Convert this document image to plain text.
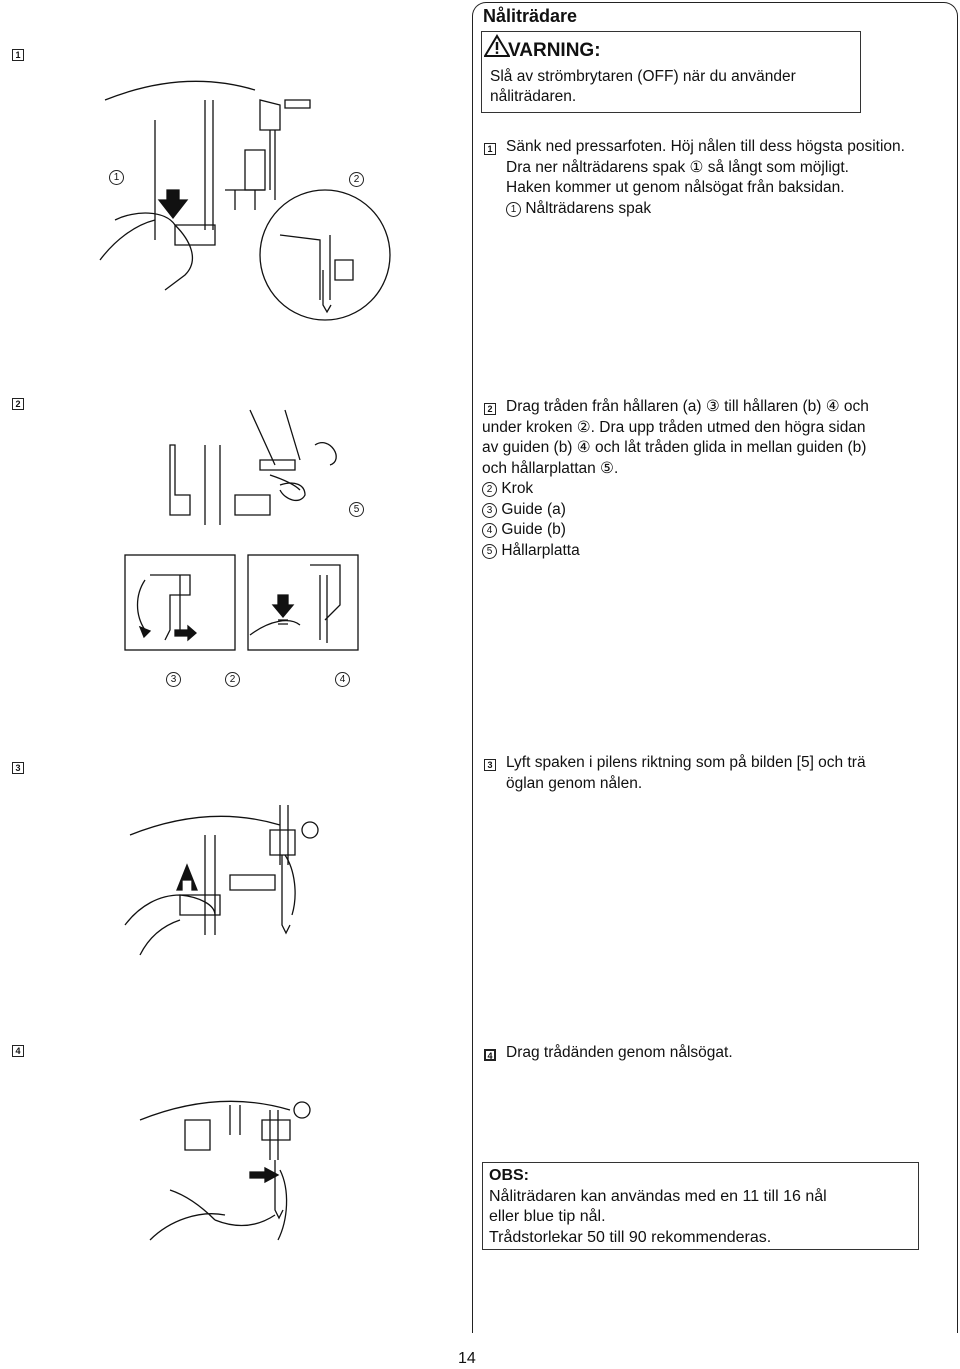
Nåliträdare
VARNING:
Slå av strömbrytaren (OFF) när du använder nåliträdaren.
1
1 Sänk ned pressarfoten. Höj nålen till dess högsta position.
Dra ner nålträdarens spak ① så långt som möjligt.
Haken kommer ut genom nålsögat från baksidan.
1 Nålträdarens spak
1	2
2	2 Drag tråden från hållaren (a) ③ till hållaren (b) ④ och
under kroken ②. Dra upp tråden utmed den högra sidan
av guiden (b) ④ och låt tråden glida in mellan guiden (b)
och hållarplattan ⑤.
2 Krok
3 Guide (a)
4 Guide (b)
5 Hållarplatta
5
3	2	4
3	3 Lyft spaken i pilens riktning som på bilden [5] och trä
öglan genom nålen.
4	4 Drag trådänden genom nålsögat.
OBS:
Nåliträdaren kan användas med en 11 till 16 nål
eller blue tip nål.
Trådstorlekar 50 till 90 rekommenderas.
14
